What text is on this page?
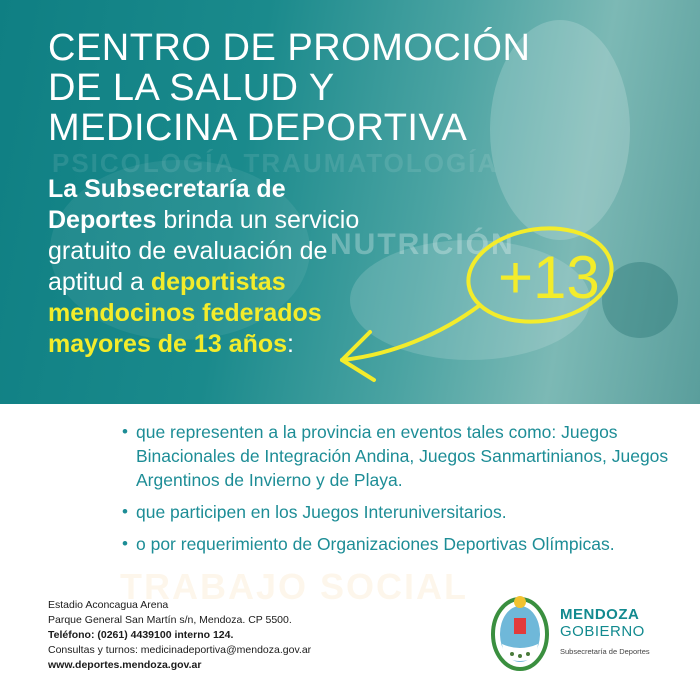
PSICOLOGÍA TRAUMATOLOGÍA
NUTRICIÓN
CENTRO DE PROMOCIÓN
DE LA SALUD Y
MEDICINA DEPORTIVA

La Subsecretaría de Deportes brinda un servicio gratuito de evaluación de aptitud a deportistas mendocinos federados mayores de 13 años:

+13
TRABAJO SOCIAL
• que representen a la provincia en eventos tales como: Juegos Binacionales de Integración Andina, Juegos Sanmartinianos, Juegos Argentinos de Invierno y de Playa.
• que participen en los Juegos Interuniversitarios.
• o por requerimiento de Organizaciones Deportivas Olímpicas.
Estadio Aconcagua Arena
Parque General San Martín s/n, Mendoza. CP 5500.
Teléfono: (0261) 4439100 interno 124.
Consultas y turnos: medicinadeportiva@mendoza.gov.ar
www.deportes.mendoza.gov.ar
MENDOZA
GOBIERNO
Subsecretaría de Deportes
